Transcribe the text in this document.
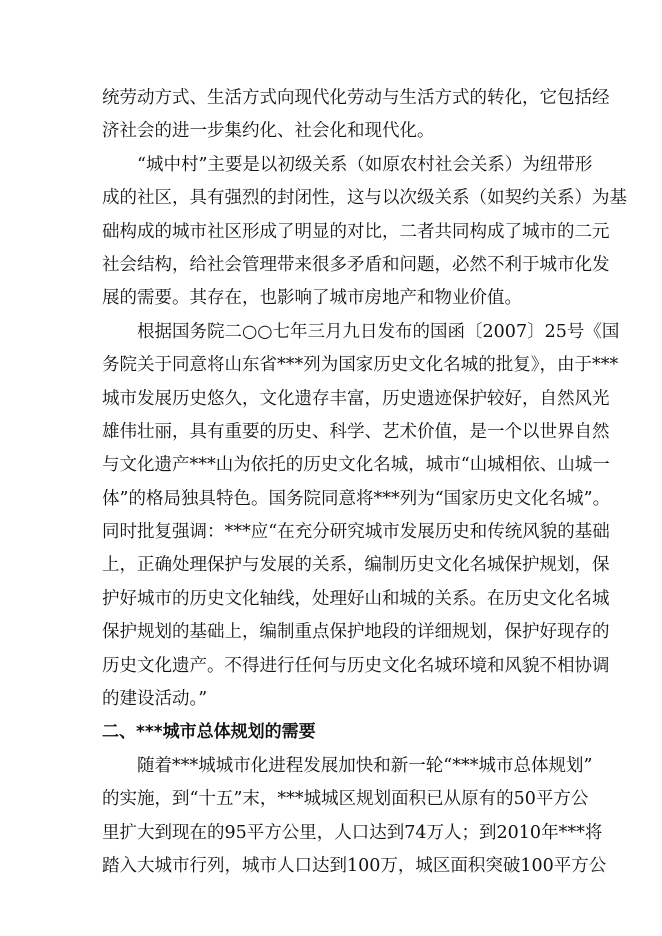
统劳动方式、生活方式向现代化劳动与生活方式的转化，它包括经
济社会的进一步集约化、社会化和现代化。
“城中村”主要是以初级关系（如原农村社会关系）为纽带形
成的社区，具有强烈的封闭性，这与以次级关系（如契约关系）为基
础构成的城市社区形成了明显的对比，二者共同构成了城市的二元
社会结构，给社会管理带来很多矛盾和问题，必然不利于城市化发
展的需要。其存在，也影响了城市房地产和物业价值。
根据国务院二○○七年三月九日发布的国函〔2007〕25号《国
务院关于同意将山东省***列为国家历史文化名城的批复》，由于***
城市发展历史悠久，文化遗存丰富，历史遗迹保护较好，自然风光
雄伟壮丽，具有重要的历史、科学、艺术价值，是一个以世界自然
与文化遗产***山为依托的历史文化名城，城市“山城相依、山城一
体”的格局独具特色。国务院同意将***列为“国家历史文化名城”。
同时批复强调：***应“在充分研究城市发展历史和传统风貌的基础
上，正确处理保护与发展的关系，编制历史文化名城保护规划，保
护好城市的历史文化轴线，处理好山和城的关系。在历史文化名城
保护规划的基础上，编制重点保护地段的详细规划，保护好现存的
历史文化遗产。不得进行任何与历史文化名城环境和风貌不相协调
的建设活动。”
二、***城市总体规划的需要
随着***城城市化进程发展加快和新一轮“***城市总体规划”
的实施，到“十五”末，***城城区规划面积已从原有的50平方公
里扩大到现在的95平方公里，人口达到74万人；到2010年***将
踏入大城市行列，城市人口达到100万，城区面积突破100平方公
